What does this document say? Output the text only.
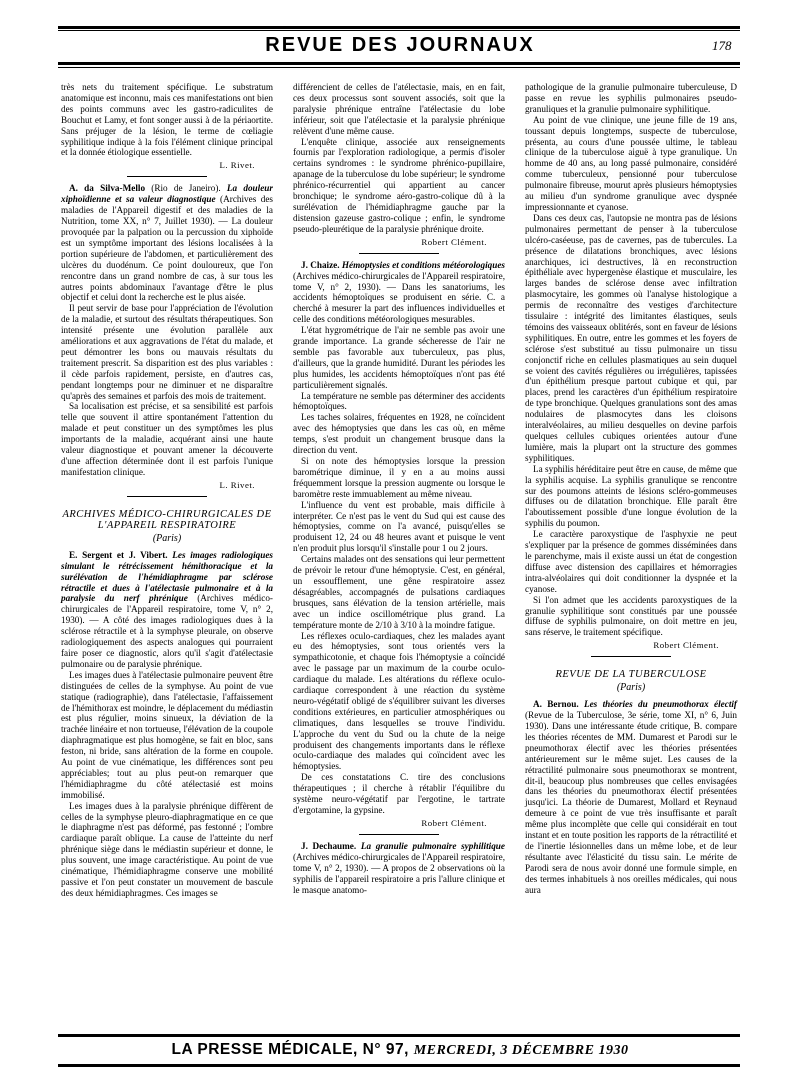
REVUE DES JOURNAUX	178

très nets du traitement spécifique. Le substratum anatomique est inconnu, mais ces manifestations ont bien des points communs avec les gastro-radiculites de Bouchut et Lamy, et font songer aussi à de la périaortite. Sans préjuger de la lésion, le terme de cœliagie syphilitique indique à la fois l'élément clinique principal et la donnée étiologique essentielle.

L. Rivet.

A. da Silva-Mello (Rio de Janeiro). La douleur xiphoïdienne et sa valeur diagnostique (Archives des maladies de l'Appareil digestif et des maladies de la Nutrition, tome XX, n° 7, Juillet 1930). — La douleur provoquée par la palpation ou la percussion du xiphoïde est un symptôme important des lésions localisées à la portion supérieure de l'abdomen, et particulièrement des ulcères du duodénum. Ce point douloureux, que l'on rencontre dans un grand nombre de cas, à sur tous les autres points abdominaux l'avantage d'être le plus objectif et celui dont la recherche est le plus aisée.

Il peut servir de base pour l'appréciation de l'évolution de la maladie, et surtout des résultats thérapeutiques. Son intensité présente une évolution parallèle aux améliorations et aux aggravations de l'état du malade, et peut démontrer les bons ou mauvais résultats du traitement prescrit. Sa disparition est des plus variables : il cède parfois rapidement, persiste, en d'autres cas, pendant longtemps pour ne diminuer et ne disparaître qu'après des semaines et parfois des mois de traitement.

Sa localisation est précise, et sa sensibilité est parfois telle que souvent il attire spontanément l'attention du malade et peut constituer un des symptômes les plus importants de la maladie, acquérant ainsi une haute valeur diagnostique et pouvant amener la découverte d'une affection déterminée dont il est parfois l'unique manifestation clinique.

L. Rivet.
ARCHIVES MÉDICO-CHIRURGICALES DE L'APPAREIL RESPIRATOIRE
(Paris)

E. Sergent et J. Vibert. Les images radiologiques simulant le rétrécissement hémithoracique et la surélévation de l'hémidiaphragme par sclérose rétractile et dues à l'atélectasie pulmonaire et à la paralysie du nerf phrénique (Archives médico-chirurgicales de l'Appareil respiratoire, tome V, n° 2, 1930). — A côté des images radiologiques dues à la sclérose rétractile et à la symphyse pleurale, on observe radiologiquement des aspects analogues qui pourraient faire poser ce diagnostic, alors qu'il s'agit d'atélectasie pulmonaire ou de paralysie phrénique.

Les images dues à l'atélectasie pulmonaire peuvent être distinguées de celles de la symphyse. Au point de vue statique (radiographie), dans l'atélectasie, l'affaissement de l'hémithorax est moindre, le déplacement du médiastin est plus régulier, moins sinueux, la déviation de la trachée linéaire et non tortueuse, l'élévation de la coupole diaphragmatique est plus homogène, se fait en bloc, sans feston, ni bride, sans altération de la forme en coupole. Au point de vue cinématique, les différences sont peu appréciables; tout au plus peut-on remarquer que l'hémidiaphragme du côté atélectasié est moins immobilisé.

Les images dues à la paralysie phrénique diffèrent de celles de la symphyse pleuro-diaphragmatique en ce que le diaphragme n'est pas déformé, pas festonné ; l'ombre cardiaque paraît oblique. La cause de l'atteinte du nerf phrénique siège dans le médiastin supérieur et donne, le plus souvent, une image caractéristique. Au point de vue cinématique, l'hémidiaphragme conserve une mobilité passive et l'on peut constater un mouvement de bascule des deux hémidiaphragmes. Ces images se

différencient de celles de l'atélectasie, mais, en en fait, ces deux processus sont souvent associés, soit que la paralysie phrénique entraîne l'atélectasie du lobe inférieur, soit que l'atélectasie et la paralysie phrénique relèvent d'une même cause.

L'enquête clinique, associée aux renseignements fournis par l'exploration radiologique, a permis d'isoler certains syndromes : le syndrome phrénico-pupillaire, apanage de la tuberculose du lobe supérieur; le syndrome phrénico-récurrentiel qui appartient au cancer bronchique; le syndrome aéro-gastro-colique dû à la surélévation de l'hémidiaphragme gauche par la distension gazeuse gastro-colique ; enfin, le syndrome pseudo-pleurétique de la paralysie phrénique droite.

Robert Clément.

J. Chaize. Hémoptysies et conditions météorologiques (Archives médico-chirurgicales de l'Appareil respiratoire, tome V, n° 2, 1930). — Dans les sanatoriums, les accidents hémoptoïques se produisent en série. C. a cherché à mesurer la part des influences individuelles et celle des conditions météorologiques mesurables.

L'état hygrométrique de l'air ne semble pas avoir une grande importance. La grande sécheresse de l'air ne semble pas favorable aux tuberculeux, pas plus, d'ailleurs, que la grande humidité. Durant les périodes les plus humides, les accidents hémoptoïques n'ont pas été particulièrement signalés.

La température ne semble pas déterminer des accidents hémoptoïques.

Les taches solaires, fréquentes en 1928, ne coïncident avec des hémoptysies que dans les cas où, en même temps, s'est produit un changement brusque dans la direction du vent.

Si on note des hémoptysies lorsque la pression barométrique diminue, il y en a au moins aussi fréquemment lorsque la pression augmente ou lorsque le baromètre reste immuablement au même niveau.

L'influence du vent est probable, mais difficile à interpréter. Ce n'est pas le vent du Sud qui est cause des hémoptysies, comme on l'a avancé, puisqu'elles se produisent 12, 24 ou 48 heures avant et puisque le vent n'en produit plus lorsqu'il s'installe pour 1 ou 2 jours.

Certains malades ont des sensations qui leur permettent de prévoir le retour d'une hémoptysie. C'est, en général, un essoufflement, une gêne respiratoire assez désagréables, accompagnés de pulsations cardiaques brusques, sans élévation de la tension artérielle, mais avec un indice oscillométrique plus grand. La température monte de 2/10 à 3/10 à la moindre fatigue.

Les réflexes oculo-cardiaques, chez les malades ayant eu des hémoptysies, sont tous orientés vers la sympathicotonie, et chaque fois l'hémoptysie a coïncidé avec le passage par un maximum de la courbe oculo-cardiaque du malade. Les altérations du réflexe oculo-cardiaque correspondent à une réaction du système neuro-végétatif obligé de s'équilibrer suivant les diverses conditions extérieures, en particulier atmosphériques ou climatiques, dans lesquelles se trouve l'individu. L'approche du vent du Sud ou la chute de la neige produisent des changements importants dans le réflexe oculo-cardiaque des malades qui coïncident avec les hémoptysies.

De ces constatations C. tire des conclusions thérapeutiques ; il cherche à rétablir l'équilibre du système neuro-végétatif par l'ergotine, le tartrate d'ergotamine, la gypsine.

Robert Clément.

J. Dechaume. La granulie pulmonaire syphilitique (Archives médico-chirurgicales de l'Appareil respiratoire, tome V, n° 2, 1930). — A propos de 2 observations où la syphilis de l'appareil respiratoire a pris l'allure clinique et le masque anatomo-

pathologique de la granulie pulmonaire tuberculeuse, D passe en revue les syphilis pulmonaires pseudo-granuliques et la granulie pulmonaire syphilitique.

Au point de vue clinique, une jeune fille de 19 ans, toussant depuis longtemps, suspecte de tuberculose, présenta, au cours d'une poussée ultime, le tableau clinique de la tuberculose aiguë à type granulique. Un homme de 40 ans, au long passé pulmonaire, considéré comme tuberculeux, pensionné pour tuberculose pulmonaire fibreuse, mourut après plusieurs hémoptysies au milieu d'un syndrome granulique avec dyspnée impressionnante et cyanose.

Dans ces deux cas, l'autopsie ne montra pas de lésions pulmonaires permettant de penser à la tuberculose ulcéro-caséeuse, pas de cavernes, pas de tubercules. La présence de dilatations bronchiques, avec lésions anarchiques, ici destructives, là en reconstruction épithéliale avec hypergenèse élastique et musculaire, les larges bandes de sclérose dense avec infiltration plasmocytaire, les gommes où l'analyse histologique a permis de reconnaître des vestiges d'architecture tissulaire : intégrité des limitantes élastiques, seuls témoins des vaisseaux oblitérés, sont en faveur de lésions syphilitiques. En outre, entre les gommes et les foyers de sclérose s'est substitué au tissu pulmonaire un tissu conjonctif riche en cellules plasmatiques au sein duquel se voient des cavités régulières ou irrégulières, tapissées d'un épithélium presque partout cubique et qui, par places, prend les caractères d'un épithélium respiratoire de type bronchique. Quelques granulations sont des amas nodulaires de plasmocytes dans les cloisons interalvéolaires, au milieu desquelles on devine parfois quelques cellules cubiques orientées autour d'une lumière, mais la plupart ont la structure des gommes syphilitiques.

La syphilis héréditaire peut être en cause, de même que la syphilis acquise. La syphilis granulique se rencontre sur des poumons atteints de lésions scléro-gommeuses diffuses ou de dilatation bronchique. Elle paraît être l'aboutissement possible d'une longue évolution de la syphilis du poumon.

Le caractère paroxystique de l'asphyxie ne peut s'expliquer par la présence de gommes disséminées dans le parenchyme, mais il existe aussi un état de congestion diffuse avec distension des capillaires et hémorragies intra-alvéolaires qui doit conditionner la dyspnée et la cyanose.

Si l'on admet que les accidents paroxystiques de la granulie syphilitique sont constitués par une poussée diffuse de syphilis pulmonaire, on doit mettre en jeu, sans réserve, le traitement spécifique.

Robert Clément.
REVUE DE LA TUBERCULOSE
(Paris)

A. Bernou. Les théories du pneumothorax électif (Revue de la Tuberculose, 3e série, tome XI, n° 6, Juin 1930). Dans une intéressante étude critique, B. compare les théories récentes de MM. Dumarest et Parodi sur le pneumothorax électif avec les théories présentées antérieurement sur le même sujet. Les causes de la rétractilité pulmonaire sous pneumothorax se montrent, dit-il, beaucoup plus nombreuses que celles envisagées dans les théories du pneumothorax électif présentées jusqu'ici. La théorie de Dumarest, Mollard et Reynaud demeure à ce point de vue très insuffisante et paraît même plus incomplète que celle qui considérait en tout instant et en toute position les rapports de la rétractilité et de l'inertie lésionnelles dans un même lobe, et de leur résultante avec l'élasticité du tissu sain. Le mérite de Parodi sera de nous avoir donné une formule simple, en des termes inhabituels à nos oreilles médicales, qui nous aura

LA PRESSE MÉDICALE, N° 97, MERCREDI, 3 DÉCEMBRE 1930
